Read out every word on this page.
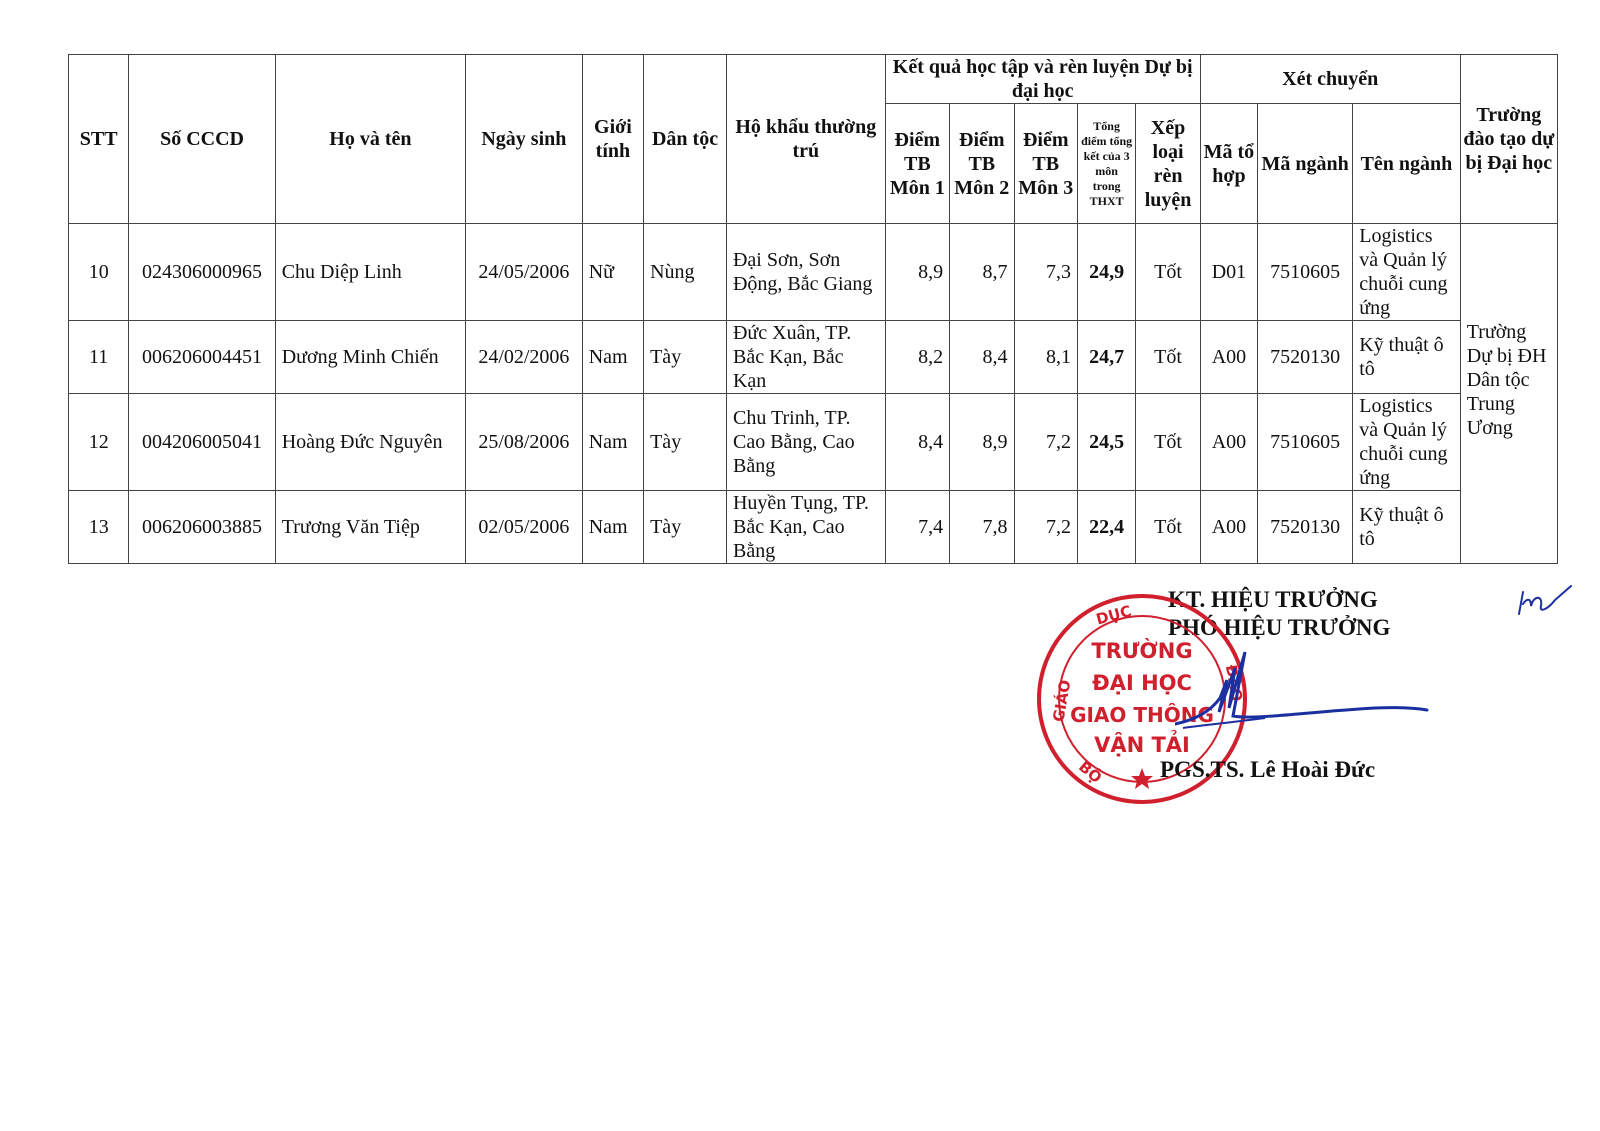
STT	Số CCCD	Họ và tên	Ngày sinh	Giới tính	Dân tộc	Hộ khẩu thường trú	Kết quả học tập và rèn luyện Dự bị đại học					Xét chuyển			Trường đào tạo dự bị Đại học
							Điểm TB Môn 1	Điểm TB Môn 2	Điểm TB Môn 3	Tổng điểm tổng kết của 3 môn trong THXT	Xếp loại rèn luyện	Mã tổ hợp	Mã ngành	Tên ngành	
10	024306000965	Chu Diệp Linh	24/05/2006	Nữ	Nùng	Đại Sơn, Sơn Động, Bắc Giang	8,9	8,7	7,3	24,9	Tốt	D01	7510605	Logistics và Quản lý chuỗi cung ứng	Trường Dự bị ĐH Dân tộc Trung Ương
11	006206004451	Dương Minh Chiến	24/02/2006	Nam	Tày	Đức Xuân, TP. Bắc Kạn, Bắc Kạn	8,2	8,4	8,1	24,7	Tốt	A00	7520130	Kỹ thuật ô tô	
12	004206005041	Hoàng Đức Nguyên	25/08/2006	Nam	Tày	Chu Trinh, TP. Cao Bằng, Cao Bằng	8,4	8,9	7,2	24,5	Tốt	A00	7510605	Logistics và Quản lý chuỗi cung ứng	
13	006206003885	Trương Văn Tiệp	02/05/2006	Nam	Tày	Huyền Tụng, TP. Bắc Kạn, Cao Bằng	7,4	7,8	7,2	22,4	Tốt	A00	7520130	Kỹ thuật ô tô	
KT. HIỆU TRƯỞNG
PHÓ HIỆU TRƯỞNG
GIÁO
DỤC
ĐÀO
BỘ
TRƯỜNG
ĐẠI HỌC
GIAO THÔNG
VẬN TẢI
PGS.TS. Lê Hoài Đức
